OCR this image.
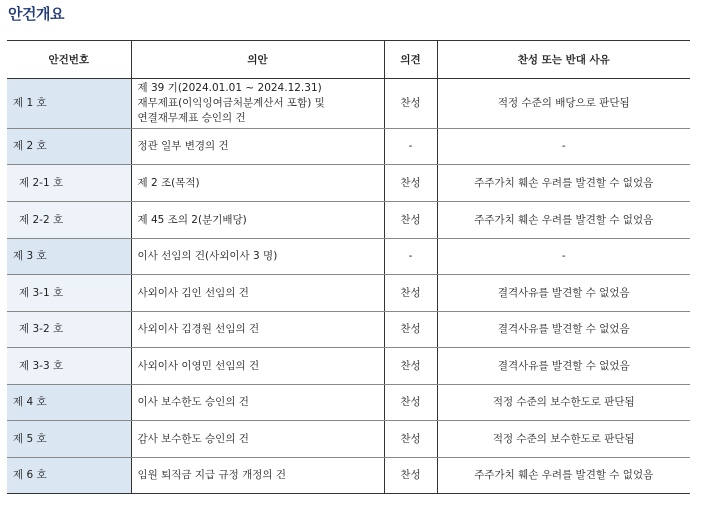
안건개요
안건번호	의안	의견	찬성 또는 반대 사유
제 1 호	제 39 기(2024.01.01 ~ 2024.12.31)
재무제표(이익잉여금처분계산서 포함) 및
연결재무제표 승인의 건	찬성	적정 수준의 배당으로 판단됨
제 2 호	정관 일부 변경의 건	-	-
제 2-1 호	제 2 조(목적)	찬성	주주가치 훼손 우려를 발견할 수 없었음
제 2-2 호	제 45 조의 2(분기배당)	찬성	주주가치 훼손 우려를 발견할 수 없었음
제 3 호	이사 선임의 건(사외이사 3 명)	-	-
제 3-1 호	사외이사 김인 선임의 건	찬성	결격사유를 발견할 수 없었음
제 3-2 호	사외이사 김경원 선임의 건	찬성	결격사유를 발견할 수 없었음
제 3-3 호	사외이사 이영민 선임의 건	찬성	결격사유를 발견할 수 없었음
제 4 호	이사 보수한도 승인의 건	찬성	적정 수준의 보수한도로 판단됨
제 5 호	감사 보수한도 승인의 건	찬성	적정 수준의 보수한도로 판단됨
제 6 호	임원 퇴직금 지급 규정 개정의 건	찬성	주주가치 훼손 우려를 발견할 수 없었음
